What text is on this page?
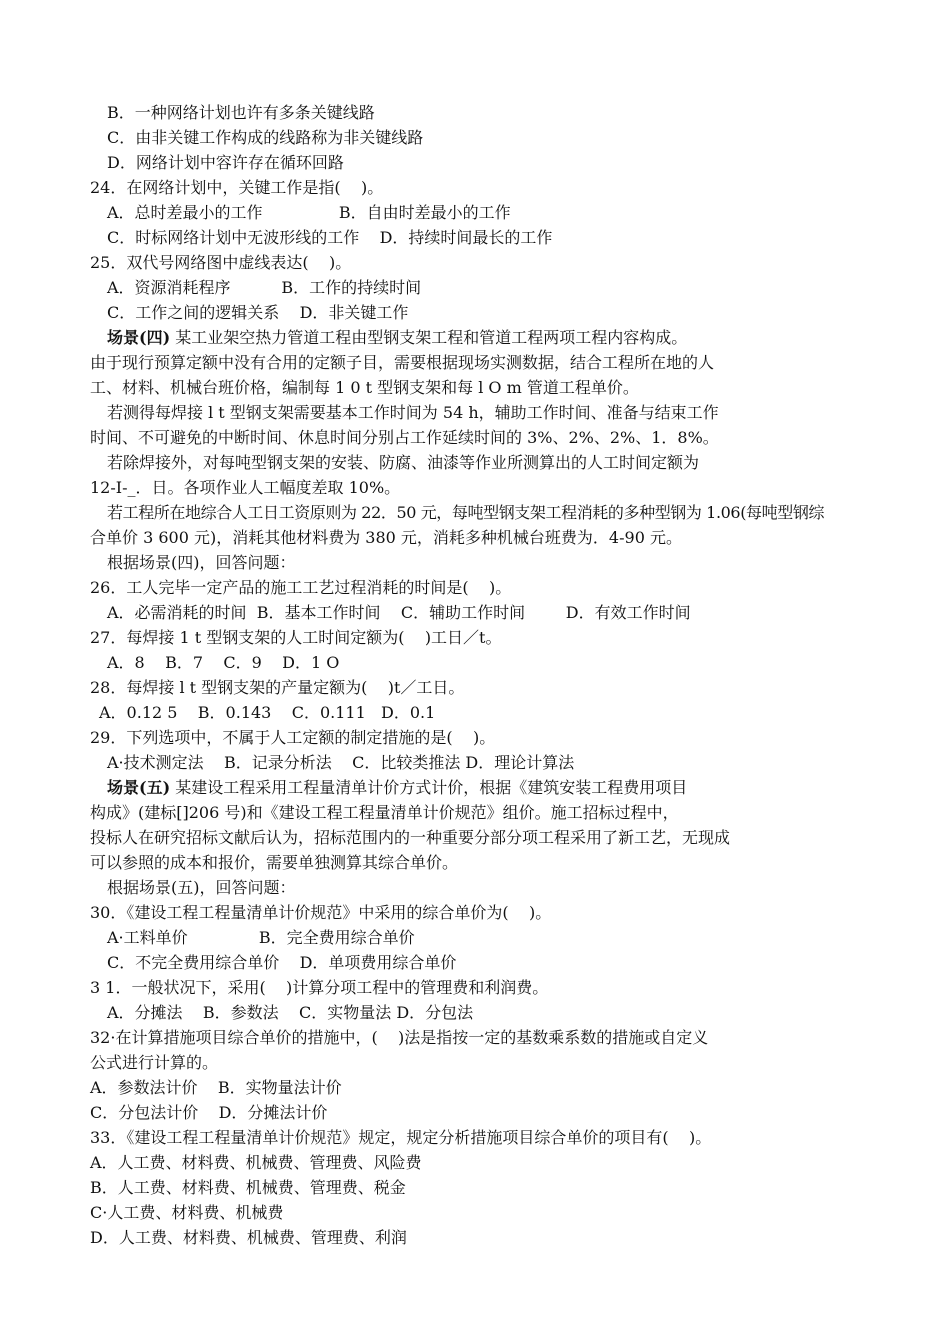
B．一种网络计划也许有多条关键线路
C．由非关键工作构成的线路称为非关键线路
D．网络计划中容许存在循环回路
24．在网络计划中，关键工作是指(    )。
A．总时差最小的工作               B．自由时差最小的工作
C．时标网络计划中无波形线的工作    D．持续时间最长的工作
25．双代号网络图中虚线表达(    )。
A．资源消耗程序          B．工作的持续时间
C．工作之间的逻辑关系    D．非关键工作
场景(四) 某工业架空热力管道工程由型钢支架工程和管道工程两项工程内容构成。
由于现行预算定额中没有合用的定额子目，需要根据现场实测数据，结合工程所在地的人
工、材料、机械台班价格，编制每 1 0 t 型钢支架和每 l O m 管道工程单价。
若测得每焊接 l t 型钢支架需要基本工作时间为 54 h，辅助工作时间、准备与结束工作
时间、不可避免的中断时间、休息时间分别占工作延续时间的 3%、2%、2%、1．8%。
若除焊接外，对每吨型钢支架的安装、防腐、油漆等作业所测算出的人工时间定额为
12-I-_．日。各项作业人工幅度差取 10%。
若工程所在地综合人工日工资原则为 22．50 元，每吨型钢支架工程消耗的多种型钢为 1.06(每吨型钢综
合单价 3 600 元)，消耗其他材料费为 380 元，消耗多种机械台班费为．4-90 元。
根据场景(四)，回答问题：
26．工人完毕一定产品的施工工艺过程消耗的时间是(    )。
A．必需消耗的时间  B．基本工作时间    C．辅助工作时间        D．有效工作时间
27．每焊接 1 t 型钢支架的人工时间定额为(    )工日／t。
A．8    B．7    C．9    D．1 O
28．每焊接 l t 型钢支架的产量定额为(    )t／工日。
A．0.12 5    B．0.143    C．0.111   D．0.1
29．下列选项中，不属于人工定额的制定措施的是(    )。
A·技术测定法    B．记录分析法    C．比较类推法 D．理论计算法
场景(五) 某建设工程采用工程量清单计价方式计价，根据《建筑安装工程费用项目
构成》(建标[]206 号)和《建设工程工程量清单计价规范》组价。施工招标过程中，
投标人在研究招标文献后认为，招标范围内的一种重要分部分项工程采用了新工艺，无现成
可以参照的成本和报价，需要单独测算其综合单价。
根据场景(五)，回答问题：
30．《建设工程工程量清单计价规范》中采用的综合单价为(    )。
A·工料单价              B．完全费用综合单价
C．不完全费用综合单价    D．单项费用综合单价
3 1．一般状况下，采用(    )计算分项工程中的管理费和利润费。
A．分摊法    B．参数法    C．实物量法 D．分包法
32·在计算措施项目综合单价的措施中，(    )法是指按一定的基数乘系数的措施或自定义
公式进行计算的。
A．参数法计价    B．实物量法计价
C．分包法计价    D．分摊法计价
33．《建设工程工程量清单计价规范》规定，规定分析措施项目综合单价的项目有(    )。
A．人工费、材料费、机械费、管理费、风险费
B．人工费、材料费、机械费、管理费、税金
C·人工费、材料费、机械费
D．人工费、材料费、机械费、管理费、利润
